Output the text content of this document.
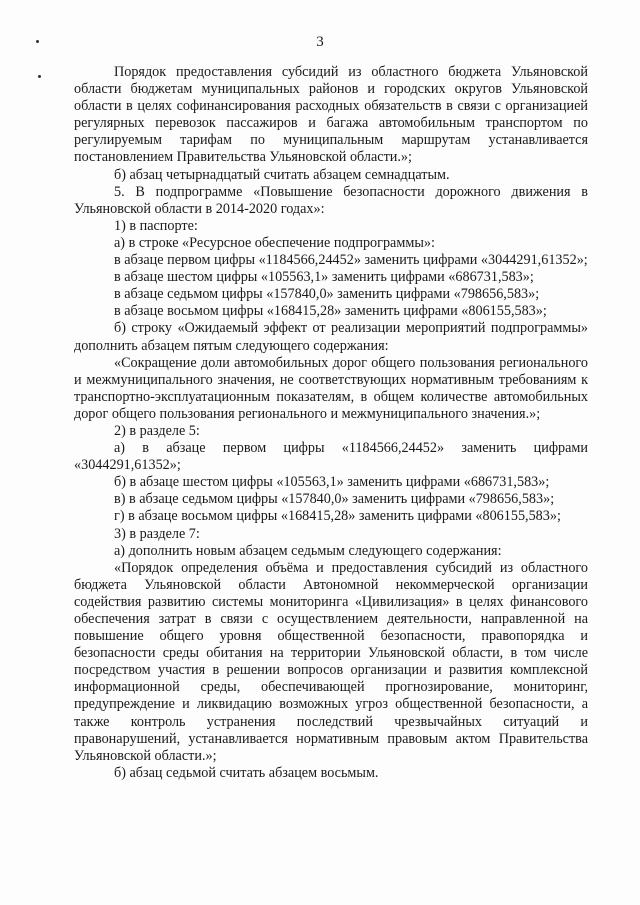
3

Порядок предоставления субсидий из областного бюджета Ульяновской области бюджетам муниципальных районов и городских округов Ульяновской области в целях софинансирования расходных обязательств в связи с организацией регулярных перевозок пассажиров и багажа автомобильным транспортом по регулируемым тарифам по муниципальным маршрутам устанавливается постановлением Правительства Ульяновской области.»;

б) абзац четырнадцатый считать абзацем семнадцатым.

5. В подпрограмме «Повышение безопасности дорожного движения в Ульяновской области в 2014-2020 годах»:

1) в паспорте:

а) в строке «Ресурсное обеспечение подпрограммы»:

в абзаце первом цифры «1184566,24452» заменить цифрами «3044291,61352»;

в абзаце шестом цифры «105563,1» заменить цифрами «686731,583»;

в абзаце седьмом цифры «157840,0» заменить цифрами «798656,583»;

в абзаце восьмом цифры «168415,28» заменить цифрами «806155,583»;

б) строку «Ожидаемый эффект от реализации мероприятий подпрограммы» дополнить абзацем пятым следующего содержания:

«Сокращение доли автомобильных дорог общего пользования регионального и межмуниципального значения, не соответствующих нормативным требованиям к транспортно-эксплуатационным показателям, в общем количестве автомобильных дорог общего пользования регионального и межмуниципального значения.»;

2) в разделе 5:

а) в абзаце первом цифры «1184566,24452» заменить цифрами «3044291,61352»;

б) в абзаце шестом цифры «105563,1» заменить цифрами «686731,583»;

в) в абзаце седьмом цифры «157840,0» заменить цифрами «798656,583»;

г) в абзаце восьмом цифры «168415,28» заменить цифрами «806155,583»;

3) в разделе 7:

а) дополнить новым абзацем седьмым следующего содержания:

«Порядок определения объёма и предоставления субсидий из областного бюджета Ульяновской области Автономной некоммерческой организации содействия развитию системы мониторинга «Цивилизация» в целях финансового обеспечения затрат в связи с осуществлением деятельности, направленной на повышение общего уровня общественной безопасности, правопорядка и безопасности среды обитания на территории Ульяновской области, в том числе посредством участия в решении вопросов организации и развития комплексной информационной среды, обеспечивающей прогнозирование, мониторинг, предупреждение и ликвидацию возможных угроз общественной безопасности, а также контроль устранения последствий чрезвычайных ситуаций и правонарушений, устанавливается нормативным правовым актом Правительства Ульяновской области.»;

б) абзац седьмой считать абзацем восьмым.
